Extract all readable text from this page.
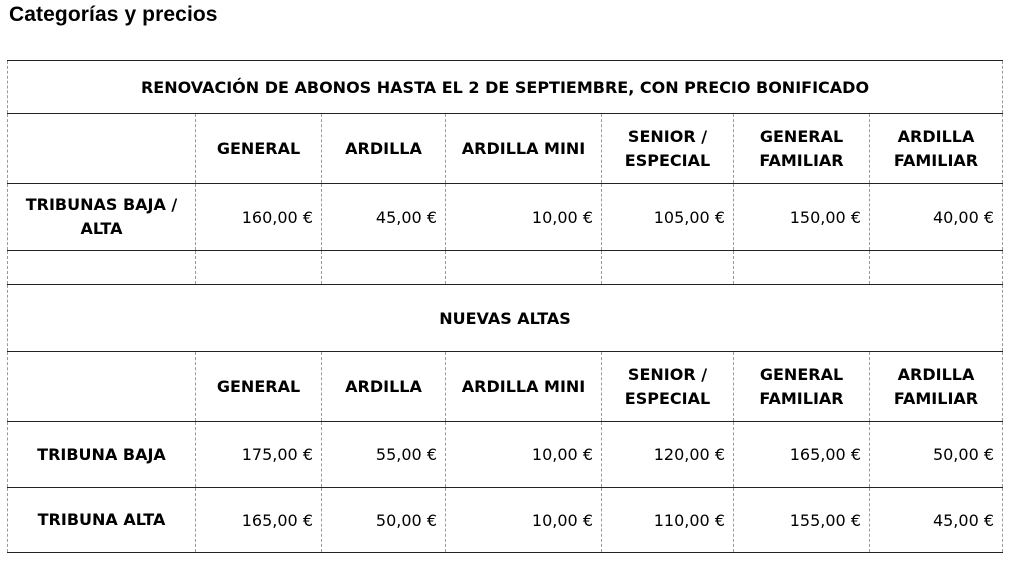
Categorías y precios
RENOVACIÓN DE ABONOS HASTA EL 2 DE SEPTIEMBRE, CON PRECIO BONIFICADO						
	GENERAL	ARDILLA	ARDILLA MINI	SENIOR / ESPECIAL	GENERAL FAMILIAR	ARDILLA FAMILIAR
TRIBUNAS BAJA / ALTA	160,00 €	45,00 €	10,00 €	105,00 €	150,00 €	40,00 €

NUEVAS ALTAS						
	GENERAL	ARDILLA	ARDILLA MINI	SENIOR / ESPECIAL	GENERAL FAMILIAR	ARDILLA FAMILIAR
TRIBUNA BAJA	175,00 €	55,00 €	10,00 €	120,00 €	165,00 €	50,00 €
TRIBUNA ALTA	165,00 €	50,00 €	10,00 €	110,00 €	155,00 €	45,00 €
